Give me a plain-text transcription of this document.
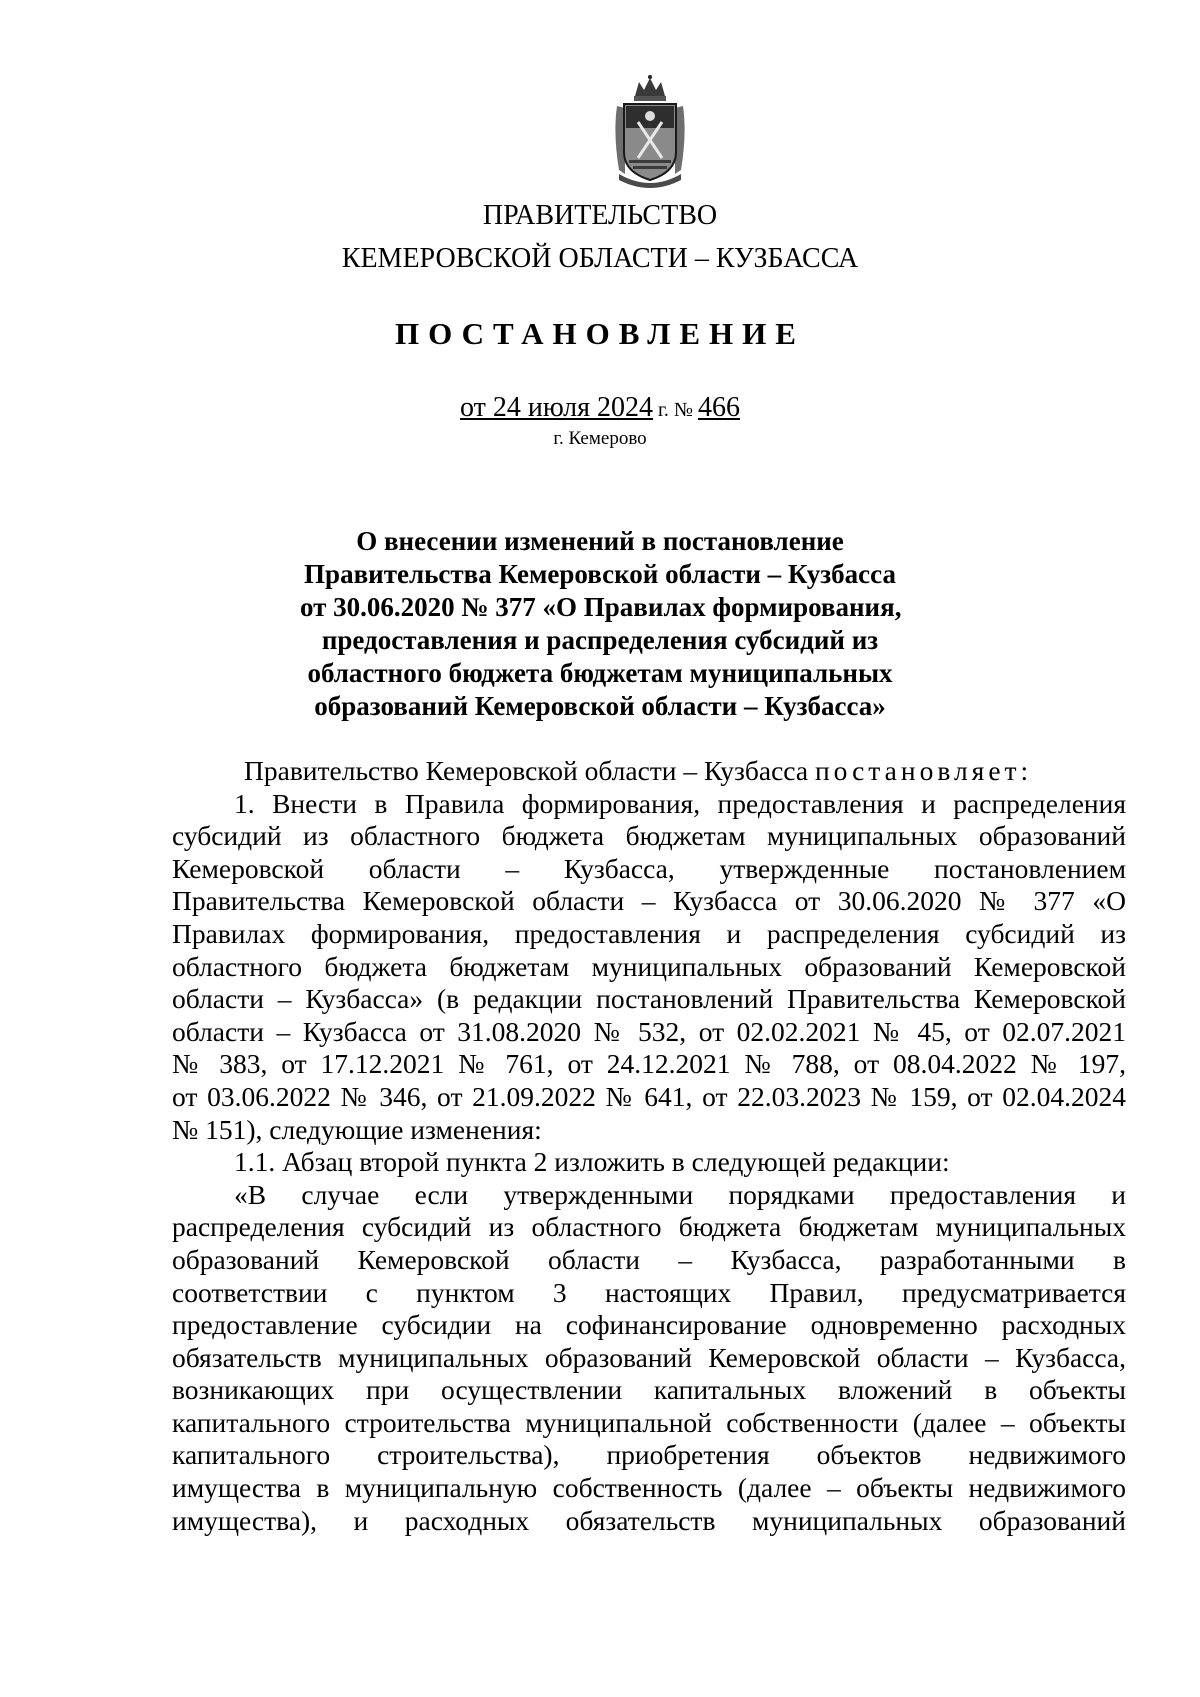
ПРАВИТЕЛЬСТВО
КЕМЕРОВСКОЙ ОБЛАСТИ – КУЗБАССА
ПОСТАНОВЛЕНИЕ
от 24 июля 2024 г. № 466
г. Кемерово
О внесении изменений в постановление
Правительства Кемеровской области – Кузбасса
от 30.06.2020 № 377 «О Правилах формирования,
предоставления и распределения субсидий из
областного бюджета бюджетам муниципальных
образований Кемеровской области – Кузбасса»
Правительство Кемеровской области – Кузбасса постановляет:
1. Внести в Правила формирования, предоставления и распределения
субсидий из областного бюджета бюджетам муниципальных образований
Кемеровской области – Кузбасса, утвержденные постановлением
Правительства Кемеровской области – Кузбасса от 30.06.2020 № 377 «О
Правилах формирования, предоставления и распределения субсидий из
областного бюджета бюджетам муниципальных образований Кемеровской
области – Кузбасса» (в редакции постановлений Правительства Кемеровской
области – Кузбасса от 31.08.2020 № 532, от 02.02.2021 № 45, от 02.07.2021
№ 383, от 17.12.2021 № 761, от 24.12.2021 № 788, от 08.04.2022 № 197,
от 03.06.2022 № 346, от 21.09.2022 № 641, от 22.03.2023 № 159, от 02.04.2024
№ 151), следующие изменения:
1.1. Абзац второй пункта 2 изложить в следующей редакции:
«В случае если утвержденными порядками предоставления и
распределения субсидий из областного бюджета бюджетам муниципальных
образований Кемеровской области – Кузбасса, разработанными в
соответствии с пунктом 3 настоящих Правил, предусматривается
предоставление субсидии на софинансирование одновременно расходных
обязательств муниципальных образований Кемеровской области – Кузбасса,
возникающих при осуществлении капитальных вложений в объекты
капитального строительства муниципальной собственности (далее – объекты
капитального строительства), приобретения объектов недвижимого
имущества в муниципальную собственность (далее – объекты недвижимого
имущества), и расходных обязательств муниципальных образований
